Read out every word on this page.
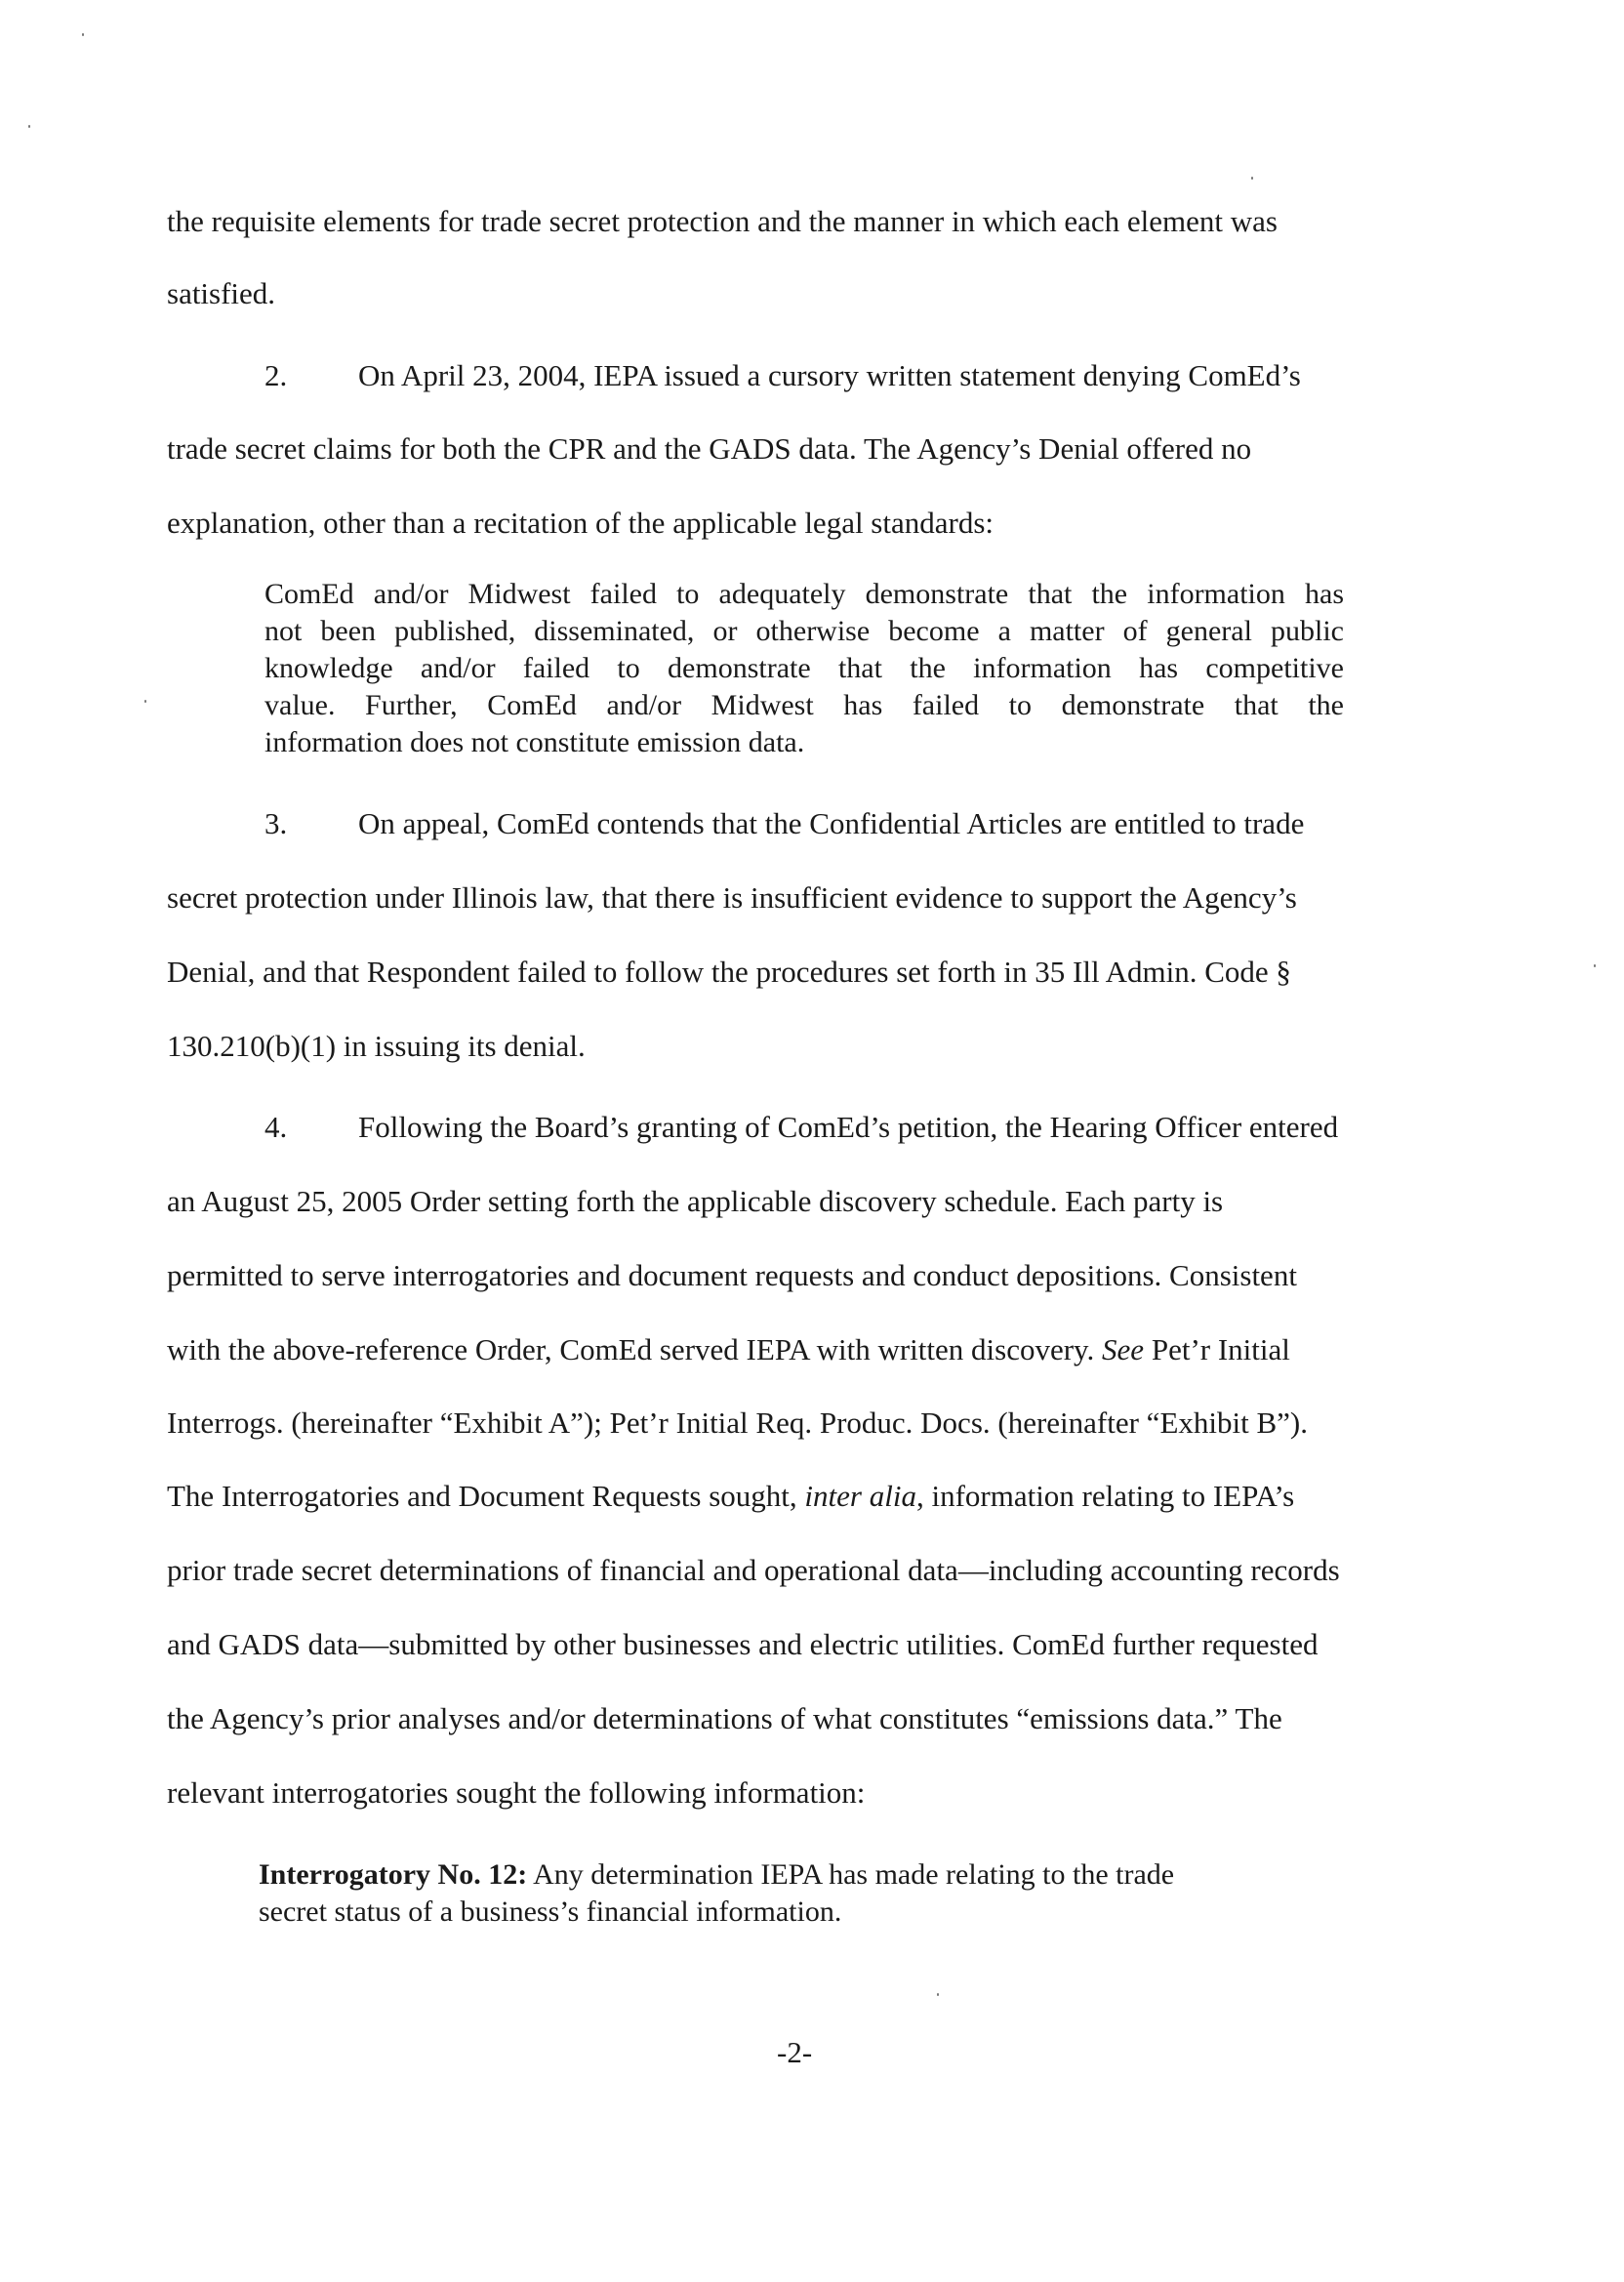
the requisite elements for trade secret protection and the manner in which each element was
satisfied.
2. On April 23, 2004, IEPA issued a cursory written statement denying ComEd’s
trade secret claims for both the CPR and the GADS data. The Agency’s Denial offered no
explanation, other than a recitation of the applicable legal standards:
ComEd and/or Midwest failed to adequately demonstrate that the information has
not been published, disseminated, or otherwise become a matter of general public
knowledge and/or failed to demonstrate that the information has competitive
value. Further, ComEd and/or Midwest has failed to demonstrate that the
information does not constitute emission data.
3. On appeal, ComEd contends that the Confidential Articles are entitled to trade
secret protection under Illinois law, that there is insufficient evidence to support the Agency’s
Denial, and that Respondent failed to follow the procedures set forth in 35 Ill Admin. Code §
130.210(b)(1) in issuing its denial.
4. Following the Board’s granting of ComEd’s petition, the Hearing Officer entered
an August 25, 2005 Order setting forth the applicable discovery schedule. Each party is
permitted to serve interrogatories and document requests and conduct depositions. Consistent
with the above-reference Order, ComEd served IEPA with written discovery. See Pet’r Initial
Interrogs. (hereinafter “Exhibit A”); Pet’r Initial Req. Produc. Docs. (hereinafter “Exhibit B”).
The Interrogatories and Document Requests sought, inter alia, information relating to IEPA’s
prior trade secret determinations of financial and operational data—including accounting records
and GADS data—submitted by other businesses and electric utilities. ComEd further requested
the Agency’s prior analyses and/or determinations of what constitutes “emissions data.” The
relevant interrogatories sought the following information:
Interrogatory No. 12: Any determination IEPA has made relating to the trade
secret status of a business’s financial information.
-2-
